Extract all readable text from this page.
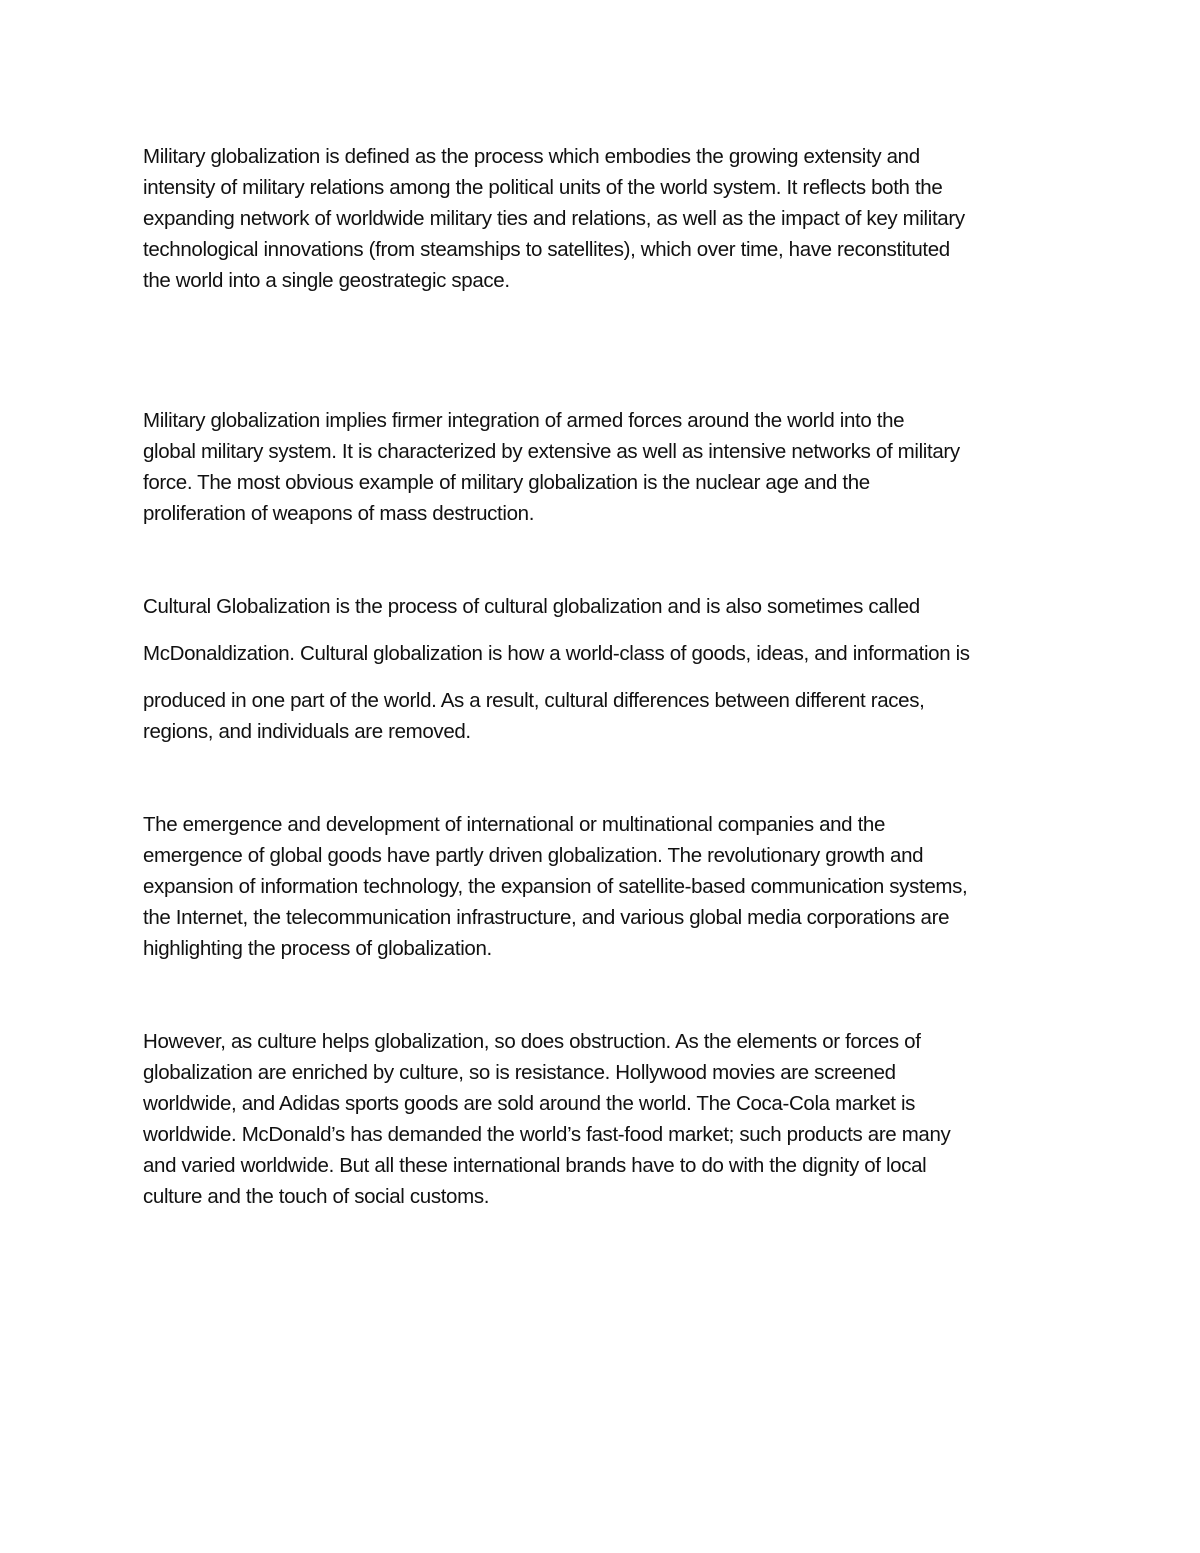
Military globalization is defined as the process which embodies the growing extensity and
intensity of military relations among the political units of the world system. It reflects both the
expanding network of worldwide military ties and relations, as well as the impact of key military
technological innovations (from steamships to satellites), which over time, have reconstituted
the world into a single geostrategic space.

Military globalization implies firmer integration of armed forces around the world into the
global military system. It is characterized by extensive as well as intensive networks of military
force. The most obvious example of military globalization is the nuclear age and the
proliferation of weapons of mass destruction.

Cultural Globalization is the process of cultural globalization and is also sometimes called
McDonaldization. Cultural globalization is how a world-class of goods, ideas, and information is
produced in one part of the world. As a result, cultural differences between different races,
regions, and individuals are removed.

The emergence and development of international or multinational companies and the
emergence of global goods have partly driven globalization. The revolutionary growth and
expansion of information technology, the expansion of satellite-based communication systems,
the Internet, the telecommunication infrastructure, and various global media corporations are
highlighting the process of globalization.

However, as culture helps globalization, so does obstruction. As the elements or forces of
globalization are enriched by culture, so is resistance. Hollywood movies are screened
worldwide, and Adidas sports goods are sold around the world. The Coca-Cola market is
worldwide. McDonald’s has demanded the world’s fast-food market; such products are many
and varied worldwide. But all these international brands have to do with the dignity of local
culture and the touch of social customs.
